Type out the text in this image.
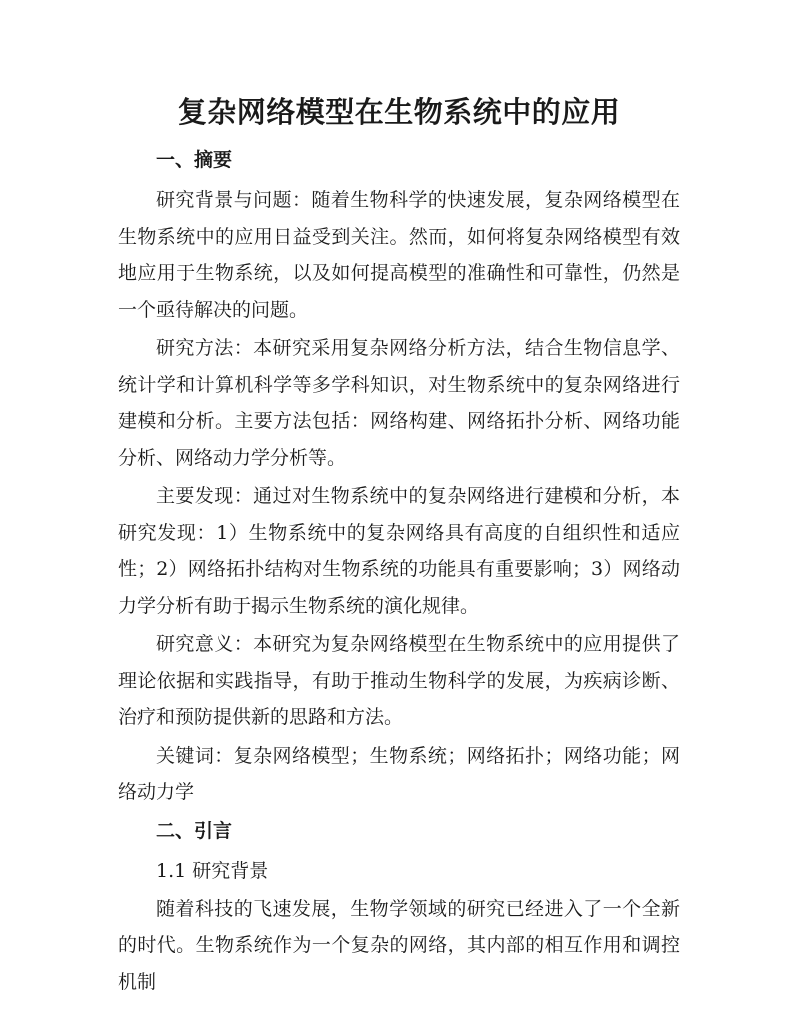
复杂网络模型在生物系统中的应用
一、摘要

研究背景与问题：随着生物科学的快速发展，复杂网络模型在生物系统中的应用日益受到关注。然而，如何将复杂网络模型有效地应用于生物系统，以及如何提高模型的准确性和可靠性，仍然是一个亟待解决的问题。

研究方法：本研究采用复杂网络分析方法，结合生物信息学、统计学和计算机科学等多学科知识，对生物系统中的复杂网络进行建模和分析。主要方法包括：网络构建、网络拓扑分析、网络功能分析、网络动力学分析等。

主要发现：通过对生物系统中的复杂网络进行建模和分析，本研究发现：1）生物系统中的复杂网络具有高度的自组织性和适应性；2）网络拓扑结构对生物系统的功能具有重要影响；3）网络动力学分析有助于揭示生物系统的演化规律。

研究意义：本研究为复杂网络模型在生物系统中的应用提供了理论依据和实践指导，有助于推动生物科学的发展，为疾病诊断、治疗和预防提供新的思路和方法。

关键词：复杂网络模型；生物系统；网络拓扑；网络功能；网络动力学

二、引言
1.1 研究背景

随着科技的飞速发展，生物学领域的研究已经进入了一个全新的时代。生物系统作为一个复杂的网络，其内部的相互作用和调控机制
